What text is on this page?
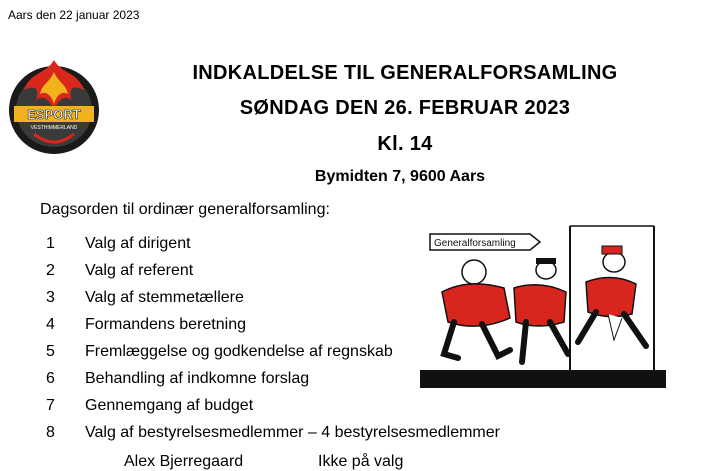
Aars den 22 januar 2023
ESPORT
VESTHIMMERLAND
INDKALDELSE TIL GENERALFORSAMLING
SØNDAG DEN 26. FEBRUAR 2023
Kl. 14
Bymidten 7, 9600 Aars
Dagsorden til ordinær generalforsamling:
1	Valg af dirigent
2	Valg af referent
3	Valg af stemmetællere
4	Formandens beretning
5	Fremlæggelse og godkendelse af regnskab
6	Behandling af indkomne forslag
7	Gennemgang af budget
8	Valg af bestyrelsesmedlemmer – 4 bestyrelsesmedlemmer
Alex Bjerregaard	Ikke på valg
Generalforsamling
